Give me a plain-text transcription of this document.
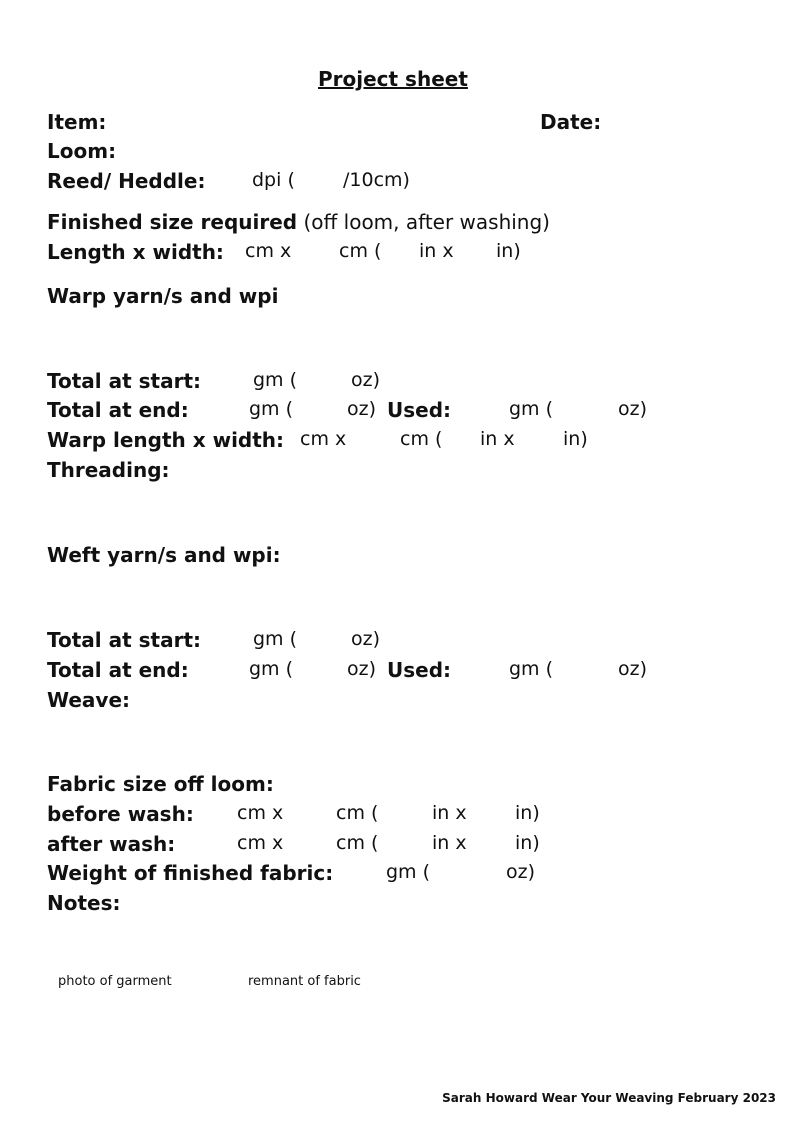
Project sheet
Item:	Date:
Loom:
Reed/ Heddle: dpi (	/10cm)
Finished size required (off loom, after washing)
Length x width: cm x	cm ( in x in)
Warp yarn/s and wpi
Total at start:	gm (	oz)
Total at end:	gm (	oz) Used:	gm (	oz)
Warp length x width: cm x	cm ( in x	in)
Threading:
Weft yarn/s and wpi:
Total at start:	gm (	oz)
Total at end:	gm (	oz) Used:	gm (	oz)
Weave:
Fabric size off loom:
before wash: cm x	cm (	in x	in)
after wash:	cm x	cm (	in x	in)
Weight of finished fabric:	gm (	oz)
Notes:
photo of garment	remnant of fabric
Sarah Howard Wear Your Weaving February 2023
